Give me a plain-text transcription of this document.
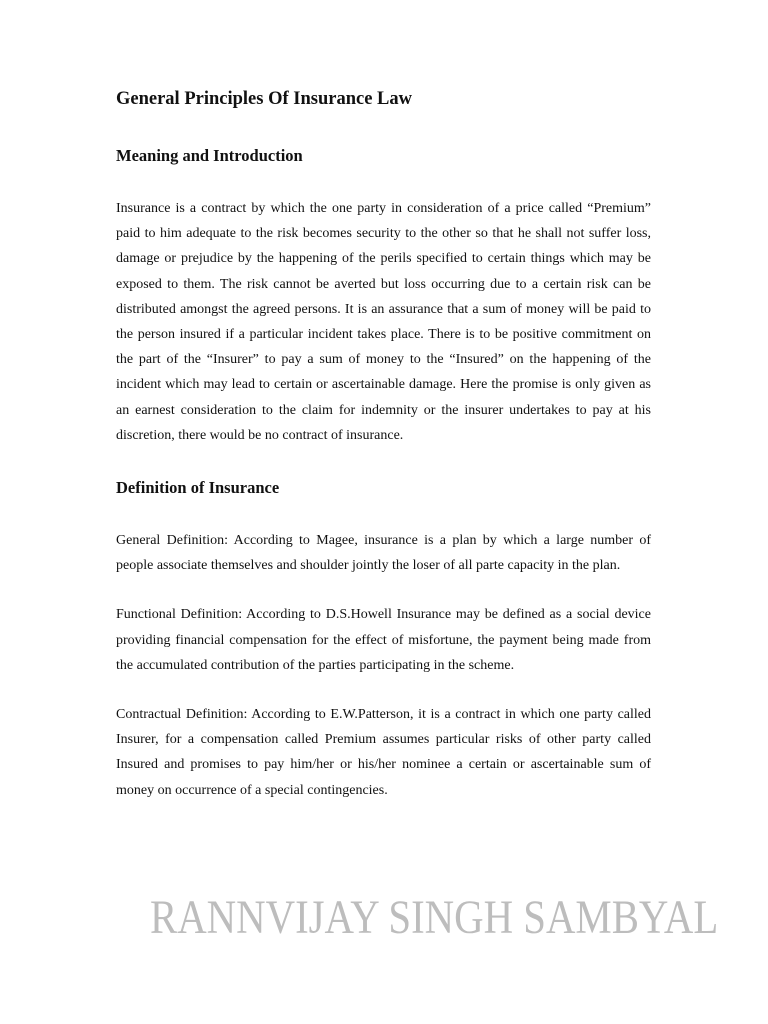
General Principles Of Insurance Law
Meaning and Introduction

Insurance is a contract by which the one party in consideration of a price called “Premium” paid to him adequate to the risk becomes security to the other so that he shall not suffer loss, damage or prejudice by the happening of the perils specified to certain things which may be exposed to them. The risk cannot be averted but loss occurring due to a certain risk can be distributed amongst the agreed persons. It is an assurance that a sum of money will be paid to the person insured if a particular incident takes place. There is to be positive commitment on the part of the “Insurer” to pay a sum of money to the “Insured” on the happening of the incident which may lead to certain or ascertainable damage. Here the promise is only given as an earnest consideration to the claim for indemnity or the insurer undertakes to pay at his discretion, there would be no contract of insurance.

Definition of Insurance

General Definition: According to Magee, insurance is a plan by which a large number of people associate themselves and shoulder jointly the loser of all parte capacity in the plan.

Functional Definition: According to D.S.Howell Insurance may be defined as a social device providing financial compensation for the effect of misfortune, the payment being made from the accumulated contribution of the parties participating in the scheme.

Contractual Definition: According to E.W.Patterson, it is a contract in which one party called Insurer, for a compensation called Premium assumes particular risks of other party called Insured and promises to pay him/her or his/her nominee a certain or ascertainable sum of money on occurrence of a special contingencies.

RANNVIJAY SINGH SAMBYAL
